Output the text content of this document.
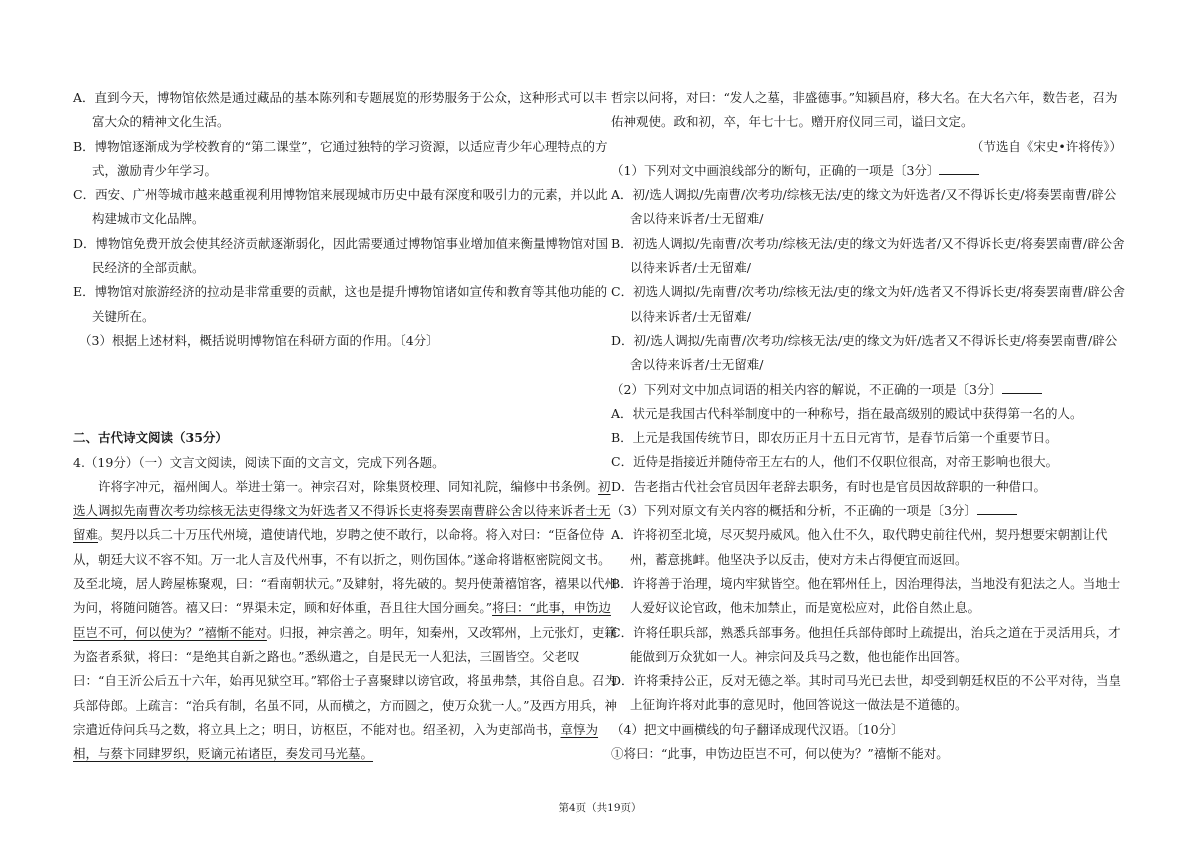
A．直到今天，博物馆依然是通过藏品的基本陈列和专题展览的形势服务于公众，这种形式可以丰富大众的精神文化生活。

B．博物馆逐渐成为学校教育的“第二课堂”，它通过独特的学习资源，以适应青少年心理特点的方式，激励青少年学习。

C．西安、广州等城市越来越重视利用博物馆来展现城市历史中最有深度和吸引力的元素，并以此构建城市文化品牌。

D．博物馆免费开放会使其经济贡献逐渐弱化，因此需要通过博物馆事业增加值来衡量博物馆对国民经济的全部贡献。

E．博物馆对旅游经济的拉动是非常重要的贡献，这也是提升博物馆诸如宣传和教育等其他功能的关键所在。

（3）根据上述材料，概括说明博物馆在科研方面的作用。〔4分〕

二、古代诗文阅读（35分）

4.（19分）（一）文言文阅读，阅读下面的文言文，完成下列各题。

许将字冲元，福州闽人。举进士第一。神宗召对，除集贤校理、同知礼院，编修中书条例。初选人调拟先南曹次考功综核无法吏得缘文为奸选者又不得诉长吏将奏罢南曹辟公舍以待来诉者士无留难。契丹以兵二十万压代州境，遣使请代地，岁聘之使不敢行，以命将。将入对曰：“臣备位侍从，朝廷大议不容不知。万一北人言及代州事，不有以折之，则伤国体。”遂命将谐枢密院阅文书。及至北境，居人跨屋栋聚观，曰：“看南朝状元。”及肄射，将先破的。契丹使萧禧馆客，禧果以代州为问，将随问随答。禧又曰：“界渠未定，顾和好体重，吾且往大国分画矣。”将曰：“此事，申饬边臣岂不可，何以使为？”禧惭不能对。归报，神宗善之。明年，知秦州，又改郓州，上元张灯，吏籍为盗者系狱，将曰：“是绝其自新之路也。”悉纵遣之，自是民无一人犯法，三圄皆空。父老叹曰：“自王沂公后五十六年，始再见狱空耳。”郓俗士子喜聚肆以谤官政，将虽弗禁，其俗自息。召为兵部侍郎。上疏言：“治兵有制，名虽不同，从而横之，方而圆之，使万众犹一人。”及西方用兵，神宗遣近侍问兵马之数，将立具上之；明日，访枢臣，不能对也。绍圣初，入为吏部尚书，章惇为相，与蔡卞同肆罗织，贬谪元祐诸臣，奏发司马光墓。

哲宗以问将，对曰：“发人之墓，非盛德事。”知颍昌府，移大名。在大名六年，数告老，召为佑神观使。政和初，卒，年七十七。赠开府仪同三司，谥曰文定。

（节选自《宋史•许将传》）

（1）下列对文中画浪线部分的断句，正确的一项是〔3分〕

A．初/选人调拟/先南曹/次考功/综核无法/吏的缘文为奸选者/又不得诉长吏/将奏罢南曹/辟公舍以待来诉者/士无留难/

B．初选人调拟/先南曹/次考功/综核无法/吏的缘文为奸选者/又不得诉长吏/将奏罢南曹/辟公舍以待来诉者/士无留难/

C．初选人调拟/先南曹/次考功/综核无法/吏的缘文为奸/选者又不得诉长吏/将奏罢南曹/辟公舍以待来诉者/士无留难/

D．初/选人调拟/先南曹/次考功/综核无法/吏的缘文为奸/选者又不得诉长吏/将奏罢南曹/辟公舍以待来诉者/士无留难/

（2）下列对文中加点词语的相关内容的解说，不正确的一项是〔3分〕

A．状元是我国古代科举制度中的一种称号，指在最高级别的殿试中获得第一名的人。

B．上元是我国传统节日，即农历正月十五日元宵节，是春节后第一个重要节日。

C．近侍是指接近并随侍帝王左右的人，他们不仅职位很高，对帝王影响也很大。

D．告老指古代社会官员因年老辞去职务，有时也是官员因故辞职的一种借口。

（3）下列对原文有关内容的概括和分析，不正确的一项是〔3分〕

A．许将初至北境，尽灭契丹威风。他入仕不久，取代聘史前往代州，契丹想要宋朝割让代州，蓄意挑衅。他坚决予以反击，使对方未占得便宜而返回。

B．许将善于治理，境内牢狱皆空。他在郓州任上，因治理得法，当地没有犯法之人。当地士人爱好议论官政，他未加禁止，而是宽松应对，此俗自然止息。

C．许将任职兵部，熟悉兵部事务。他担任兵部侍郎时上疏提出，治兵之道在于灵活用兵，才能做到万众犹如一人。神宗问及兵马之数，他也能作出回答。

D．许将秉持公正，反对无德之举。其时司马光已去世，却受到朝廷权臣的不公平对待，当皇上征询许将对此事的意见时，他回答说这一做法是不道德的。

（4）把文中画横线的句子翻译成现代汉语。〔10分〕

①将曰：“此事，申饬边臣岂不可，何以使为？”禧惭不能对。

第4页（共19页）
